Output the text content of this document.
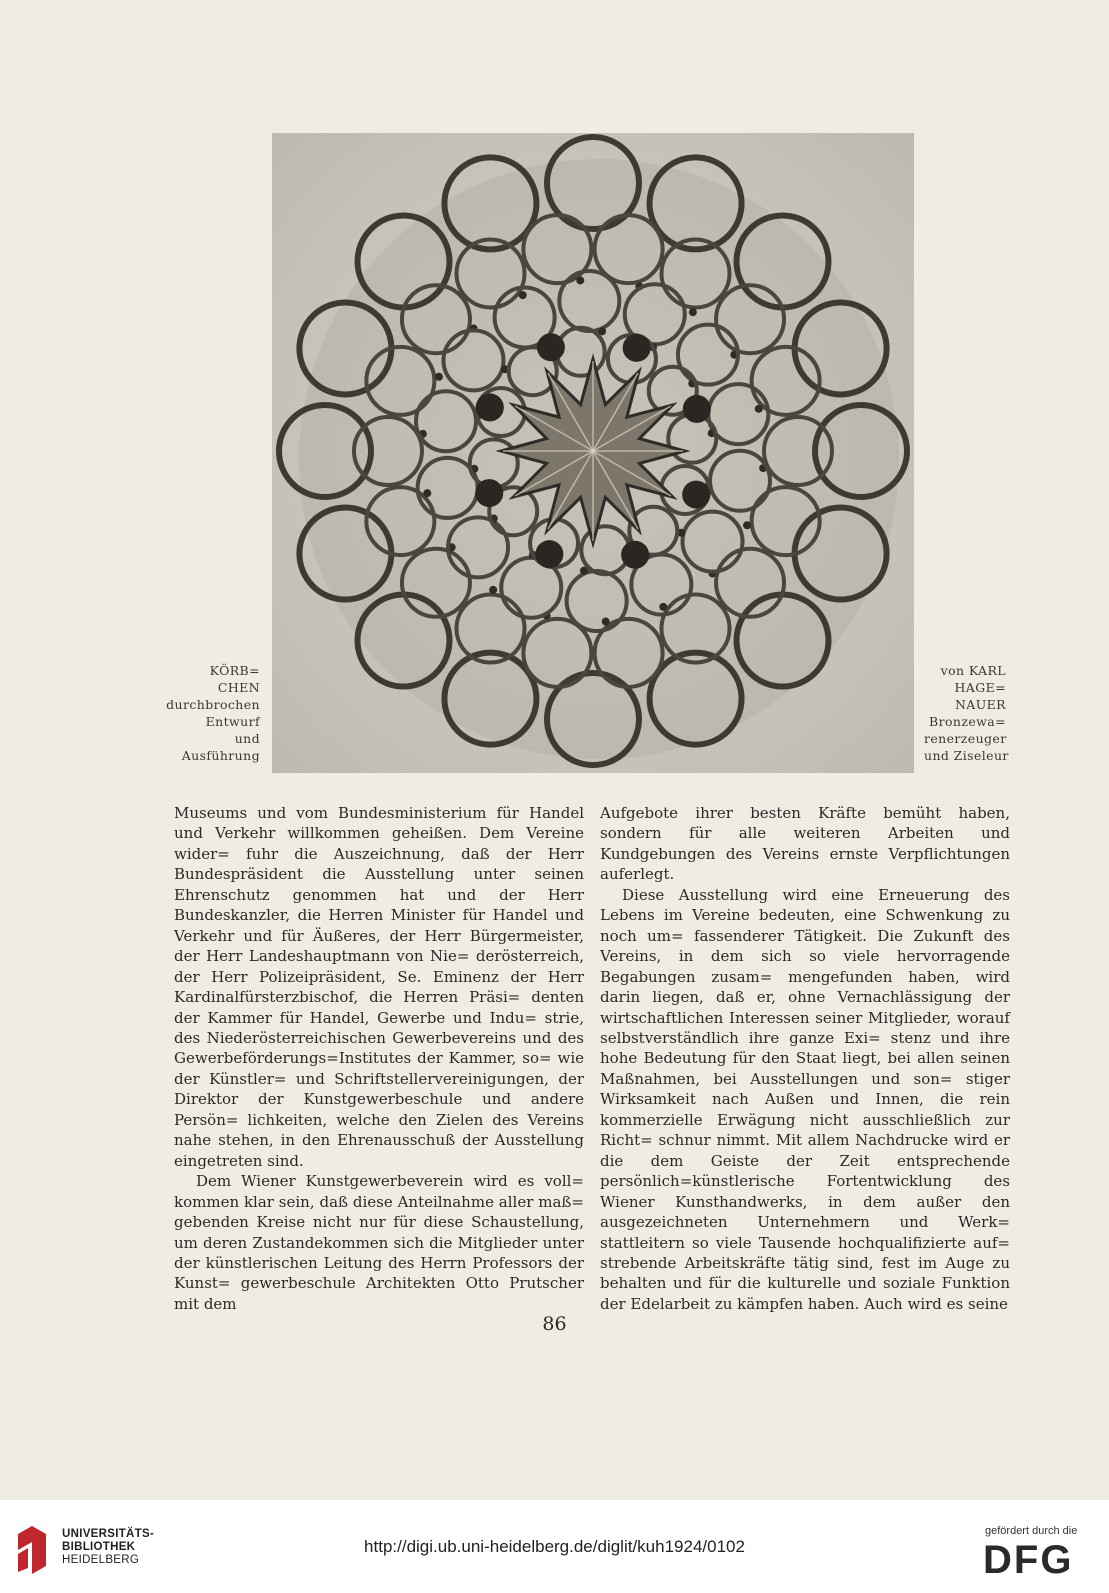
KÖRB=
CHEN
durchbrochen
Entwurf
und
Ausführung
von KARL
HAGE=
NAUER
Bronzewa=
renerzeuger
und Ziseleur

Museums und vom Bundesministerium für Handel und Verkehr willkommen geheißen. Dem Vereine wider= fuhr die Auszeichnung, daß der Herr Bundespräsident die Ausstellung unter seinen Ehrenschutz genommen hat und der Herr Bundeskanzler, die Herren Minister für Handel und Verkehr und für Äußeres, der Herr Bürgermeister, der Herr Landeshauptmann von Nie= derösterreich, der Herr Polizeipräsident, Se. Eminenz der Herr Kardinalfürsterzbischof, die Herren Präsi= denten der Kammer für Handel, Gewerbe und Indu= strie, des Niederösterreichischen Gewerbevereins und des Gewerbeförderungs=Institutes der Kammer, so= wie der Künstler= und Schriftstellervereinigungen, der Direktor der Kunstgewerbeschule und andere Persön= lichkeiten, welche den Zielen des Vereins nahe stehen, in den Ehrenausschuß der Ausstellung eingetreten sind.

Dem Wiener Kunstgewerbeverein wird es voll= kommen klar sein, daß diese Anteilnahme aller maß= gebenden Kreise nicht nur für diese Schaustellung, um deren Zustandekommen sich die Mitglieder unter der künstlerischen Leitung des Herrn Professors der Kunst= gewerbeschule Architekten Otto Prutscher mit dem

Aufgebote ihrer besten Kräfte bemüht haben, sondern für alle weiteren Arbeiten und Kundgebungen des Vereins ernste Verpflichtungen auferlegt.

Diese Ausstellung wird eine Erneuerung des Lebens im Vereine bedeuten, eine Schwenkung zu noch um= fassenderer Tätigkeit. Die Zukunft des Vereins, in dem sich so viele hervorragende Begabungen zusam= mengefunden haben, wird darin liegen, daß er, ohne Vernachlässigung der wirtschaftlichen Interessen seiner Mitglieder, worauf selbstverständlich ihre ganze Exi= stenz und ihre hohe Bedeutung für den Staat liegt, bei allen seinen Maßnahmen, bei Ausstellungen und son= stiger Wirksamkeit nach Außen und Innen, die rein kommerzielle Erwägung nicht ausschließlich zur Richt= schnur nimmt. Mit allem Nachdrucke wird er die dem Geiste der Zeit entsprechende persönlich=künstlerische Fortentwicklung des Wiener Kunsthandwerks, in dem außer den ausgezeichneten Unternehmern und Werk= stattleitern so viele Tausende hochqualifizierte auf= strebende Arbeitskräfte tätig sind, fest im Auge zu behalten und für die kulturelle und soziale Funktion der Edelarbeit zu kämpfen haben. Auch wird es seine

86
UNIVERSITÄTS-
BIBLIOTHEK
HEIDELBERG
http://digi.ub.uni-heidelberg.de/diglit/kuh1924/0102
gefördert durch die
DFG
